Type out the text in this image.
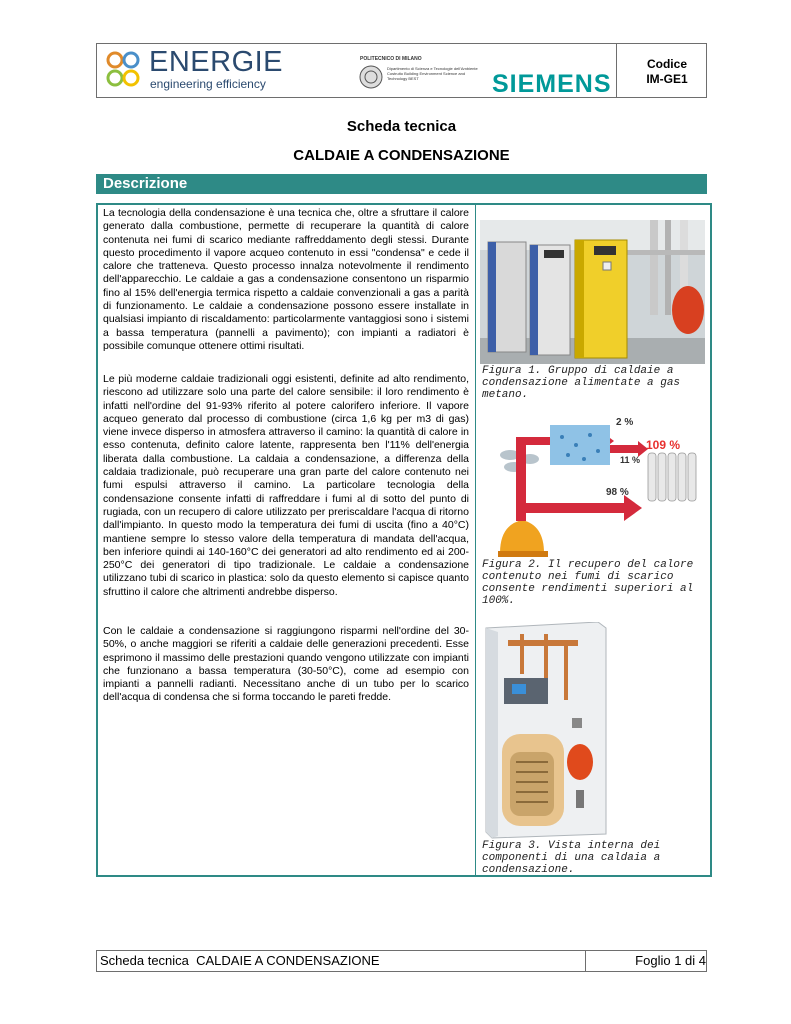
ENERGIE
engineering efficiency
POLITECNICO DI MILANO
Dipartimento di Scienza e Tecnologie dell'Ambiente Costruito Building Environment Science and Technology BEST	SIEMENS
Codice
IM-GE1
Scheda tecnica
CALDAIE A CONDENSAZIONE
Descrizione
La tecnologia della condensazione è una tecnica che, oltre a sfruttare il calore generato dalla combustione, permette di recuperare la quantità di calore contenuta nei fumi di scarico mediante raffreddamento degli stessi. Durante questo procedimento il vapore acqueo contenuto in essi "condensa" e cede il calore che tratteneva. Questo processo innalza notevolmente il rendimento dell'apparecchio. Le caldaie a gas a condensazione consentono un risparmio fino al 15% dell'energia termica rispetto a caldaie convenzionali a gas a parità di funzionamento. Le caldaie a condensazione possono essere installate in qualsiasi impianto di riscaldamento: particolarmente vantaggiosi sono i sistemi a bassa temperatura (pannelli a pavimento); con impianti a radiatori è possibile comunque ottenere ottimi risultati.
Le più moderne caldaie tradizionali oggi esistenti, definite ad alto rendimento, riescono ad utilizzare solo una parte del calore sensibile: il loro rendimento è infatti nell'ordine del 91-93% riferito al potere calorifero inferiore. Il vapore acqueo generato dal processo di combustione (circa 1,6 kg per m3 di gas) viene invece disperso in atmosfera attraverso il camino: la quantità di calore in esso contenuta, definito calore latente, rappresenta ben l'11% dell'energia liberata dalla combustione. La caldaia a condensazione, a differenza della caldaia tradizionale, può recuperare una gran parte del calore contenuto nei fumi espulsi attraverso il camino. La particolare tecnologia della condensazione consente infatti di raffreddare i fumi al di sotto del punto di rugiada, con un recupero di calore utilizzato per preriscaldare l'acqua di ritorno dall'impianto. In questo modo la temperatura dei fumi di uscita (fino a 40°C) mantiene sempre lo stesso valore della temperatura di mandata dell'acqua, ben inferiore quindi ai 140-160°C dei generatori ad alto rendimento ed ai 200-250°C dei generatori di tipo tradizionale. Le caldaie a condensazione utilizzano tubi di scarico in plastica: solo da questo elemento si capisce quanto sfruttino il calore che altrimenti andrebbe disperso.
Con le caldaie a condensazione si raggiungono risparmi nell'ordine del 30-50%, o anche maggiori se riferiti a caldaie delle generazioni precedenti. Esse esprimono il massimo delle prestazioni quando vengono utilizzate con impianti che funzionano a bassa temperatura (30-50°C), come ad esempio con impianti a pannelli radianti. Necessitano anche di un tubo per lo scarico dell'acqua di condensa che si forma toccando le pareti fredde.
Figura 1. Gruppo di caldaie a condensazione alimentate a gas metano.
2 %
11 %
109 %
98 %
Figura 2. Il recupero del calore contenuto nei fumi di scarico consente rendimenti superiori al 100%.
Figura 3. Vista interna dei componenti di una caldaia a condensazione.
Scheda tecnica  CALDAIE A CONDENSAZIONE	Foglio 1 di 4
